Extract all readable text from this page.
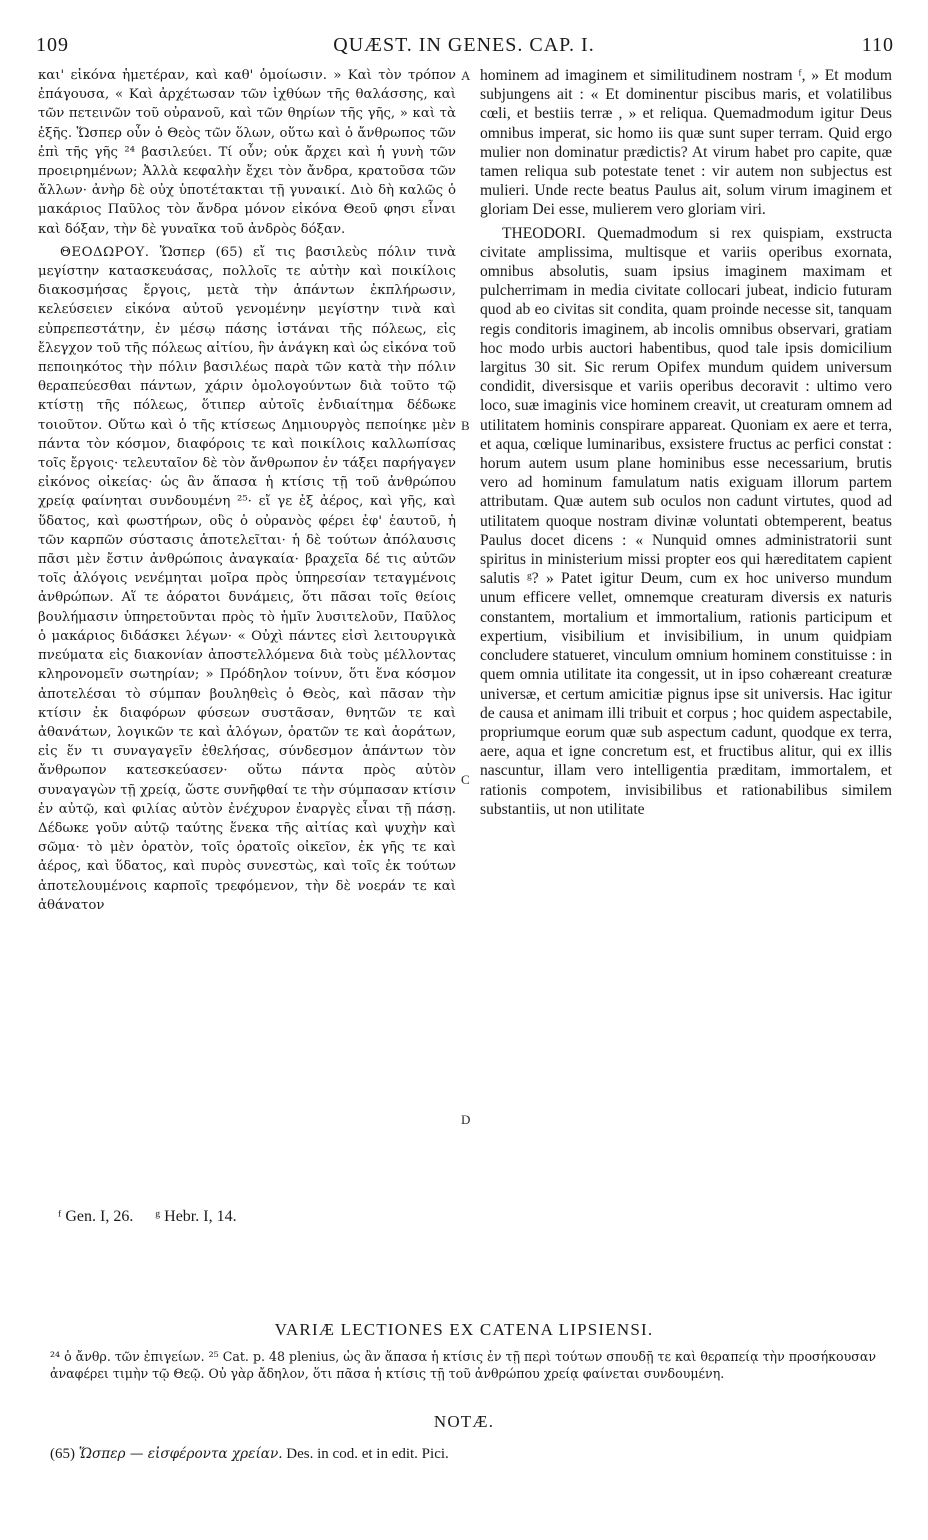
109	QUÆST. IN GENES. CAP. I.	110

και' εἰκόνα ἡμετέραν, καὶ καθ' ὁμοίωσιν. » Καὶ τὸν τρόπον ἐπάγουσα, « Καὶ ἀρχέτωσαν τῶν ἰχθύων τῆς θαλάσσης, καὶ τῶν πετεινῶν τοῦ οὐρανοῦ, καὶ τῶν θηρίων τῆς γῆς, » καὶ τὰ ἑξῆς. Ὥσπερ οὖν ὁ Θεὸς τῶν ὅλων, οὕτω καὶ ὁ ἄνθρωπος τῶν ἐπὶ τῆς γῆς ²⁴ βασιλεύει. Τί οὖν; οὐκ ἄρχει καὶ ἡ γυνὴ τῶν προειρημένων; Ἀλλὰ κεφαλὴν ἔχει τὸν ἄνδρα, κρατοῦσα τῶν ἄλλων· ἀνὴρ δὲ οὐχ ὑποτέτακται τῇ γυναικί. Διὸ δὴ καλῶς ὁ μακάριος Παῦλος τὸν ἄνδρα μόνον εἰκόνα Θεοῦ φησι εἶναι καὶ δόξαν, τὴν δὲ γυναῖκα τοῦ ἀνδρὸς δόξαν.

ΘΕΟΔΩΡΟΥ. Ὥσπερ (65) εἴ τις βασιλεὺς πόλιν τινὰ μεγίστην κατασκευάσας, πολλοῖς τε αὐτὴν καὶ ποικίλοις διακοσμήσας ἔργοις, μετὰ τὴν ἁπάντων ἐκπλήρωσιν, κελεύσειεν εἰκόνα αὐτοῦ γενομένην μεγίστην τινὰ καὶ εὐπρεπεστάτην, ἐν μέσῳ πάσης ἱστάναι τῆς πόλεως, εἰς ἔλεγχον τοῦ τῆς πόλεως αἰτίου, ἣν ἀνάγκη καὶ ὡς εἰκόνα τοῦ πεποιηκότος τὴν πόλιν βασιλέως παρὰ τῶν κατὰ τὴν πόλιν θεραπεύεσθαι πάντων, χάριν ὁμολογούντων διὰ τοῦτο τῷ κτίστῃ τῆς πόλεως, ὅτιπερ αὐτοῖς ἐνδιαίτημα δέδωκε τοιοῦτον. Οὕτω καὶ ὁ τῆς κτίσεως Δημιουργὸς πεποίηκε μὲν πάντα τὸν κόσμον, διαφόροις τε καὶ ποικίλοις καλλωπίσας τοῖς ἔργοις· τελευταῖον δὲ τὸν ἄνθρωπον ἐν τάξει παρήγαγεν εἰκόνος οἰκείας· ὡς ἂν ἅπασα ἡ κτίσις τῇ τοῦ ἀνθρώπου χρείᾳ φαίνηται συνδουμένη ²⁵· εἴ γε ἐξ ἀέρος, καὶ γῆς, καὶ ὕδατος, καὶ φωστήρων, οὓς ὁ οὐρανὸς φέρει ἐφ' ἑαυτοῦ, ἡ τῶν καρπῶν σύστασις ἀποτελεῖται· ἡ δὲ τούτων ἀπόλαυσις πᾶσι μὲν ἔστιν ἀνθρώποις ἀναγκαία· βραχεῖα δέ τις αὐτῶν τοῖς ἀλόγοις νενέμηται μοῖρα πρὸς ὑπηρεσίαν τεταγμένοις ἀνθρώπων. Αἵ τε ἀόρατοι δυνάμεις, ὅτι πᾶσαι τοῖς θείοις βουλήμασιν ὑπηρετοῦνται πρὸς τὸ ἡμῖν λυσιτελοῦν, Παῦλος ὁ μακάριος διδάσκει λέγων· « Οὐχὶ πάντες εἰσὶ λειτουργικὰ πνεύματα εἰς διακονίαν ἀποστελλόμενα διὰ τοὺς μέλλοντας κληρονομεῖν σωτηρίαν; » Πρόδηλον τοίνυν, ὅτι ἕνα κόσμον ἀποτελέσαι τὸ σύμπαν βουληθεὶς ὁ Θεὸς, καὶ πᾶσαν τὴν κτίσιν ἐκ διαφόρων φύσεων συστᾶσαν, θνητῶν τε καὶ ἀθανάτων, λογικῶν τε καὶ ἀλόγων, ὁρατῶν τε καὶ ἀοράτων, εἰς ἕν τι συναγαγεῖν ἐθελήσας, σύνδεσμον ἁπάντων τὸν ἄνθρωπον κατεσκεύασεν· οὕτω πάντα πρὸς αὐτὸν συναγαγὼν τῇ χρείᾳ, ὥστε συνῆφθαί τε τὴν σύμπασαν κτίσιν ἐν αὐτῷ, καὶ φιλίας αὐτὸν ἐνέχυρον ἐναργὲς εἶναι τῇ πάσῃ. Δέδωκε γοῦν αὐτῷ ταύτης ἕνεκα τῆς αἰτίας καὶ ψυχὴν καὶ σῶμα· τὸ μὲν ὁρατὸν, τοῖς ὁρατοῖς οἰκεῖον, ἐκ γῆς τε καὶ ἀέρος, καὶ ὕδατος, καὶ πυρὸς συνεστὼς, καὶ τοῖς ἐκ τούτων ἀποτελουμένοις καρποῖς τρεφόμενον, τὴν δὲ νοεράν τε καὶ ἀθάνατον

A
B
C
D

hominem ad imaginem et similitudinem nostram ᶠ, » Et modum subjungens ait : « Et dominentur piscibus maris, et volatilibus cœli, et bestiis terræ , » et reliqua. Quemadmodum igitur Deus omnibus imperat, sic homo iis quæ sunt super terram. Quid ergo mulier non dominatur prædictis? At virum habet pro capite, quæ tamen reliqua sub potestate tenet : vir autem non subjectus est mulieri. Unde recte beatus Paulus ait, solum virum imaginem et gloriam Dei esse, mulierem vero gloriam viri.

THEODORI. Quemadmodum si rex quispiam, exstructa civitate amplissima, multisque et variis operibus exornata, omnibus absolutis, suam ipsius imaginem maximam et pulcherrimam in media civitate collocari jubeat, indicio futuram quod ab eo civitas sit condita, quam proinde necesse sit, tanquam regis conditoris imaginem, ab incolis omnibus observari, gratiam hoc modo urbis auctori habentibus, quod tale ipsis domicilium largitus 30 sit. Sic rerum Opifex mundum quidem universum condidit, diversisque et variis operibus decoravit : ultimo vero loco, suæ imaginis vice hominem creavit, ut creaturam omnem ad utilitatem hominis conspirare appareat. Quoniam ex aere et terra, et aqua, cœlique luminaribus, exsistere fructus ac perfici constat : horum autem usum plane hominibus esse necessarium, brutis vero ad hominum famulatum natis exiguam illorum partem attributam. Quæ autem sub oculos non cadunt virtutes, quod ad utilitatem quoque nostram divinæ voluntati obtemperent, beatus Paulus docet dicens : « Nunquid omnes administratorii sunt spiritus in ministerium missi propter eos qui hæreditatem capient salutis ᵍ? » Patet igitur Deum, cum ex hoc universo mundum unum efficere vellet, omnemque creaturam diversis ex naturis constantem, mortalium et immortalium, rationis participum et expertium, visibilium et invisibilium, in unum quidpiam concludere statueret, vinculum omnium hominem constituisse : in quem omnia utilitate ita congessit, ut in ipso cohæreant creaturæ universæ, et certum amicitiæ pignus ipse sit universis. Hac igitur de causa et animam illi tribuit et corpus ; hoc quidem aspectabile, propriumque eorum quæ sub aspectum cadunt, quodque ex terra, aere, aqua et igne concretum est, et fructibus alitur, qui ex illis nascuntur, illam vero intelligentia præditam, immortalem, et rationis compotem, invisibilibus et rationabilibus similem substantiis, ut non utilitate

ᶠ Gen. I, 26. ᵍ Hebr. I, 14.
VARIÆ LECTIONES EX CATENA LIPSIENSI.
²⁴ ὁ ἄνθρ. τῶν ἐπιγείων. ²⁵ Cat. p. 48 plenius, ὡς ἂν ἅπασα ἡ κτίσις ἐν τῇ περὶ τούτων σπουδῇ τε καὶ θεραπείᾳ τὴν προσήκουσαν ἀναφέρει τιμὴν τῷ Θεῷ. Οὐ γὰρ ἄδηλον, ὅτι πᾶσα ἡ κτίσις τῇ τοῦ ἀνθρώπου χρείᾳ φαίνεται συνδουμένη.
NOTÆ.
(65) Ὥσπερ — εἰσφέροντα χρείαν. Des. in cod. et in edit. Pici.
